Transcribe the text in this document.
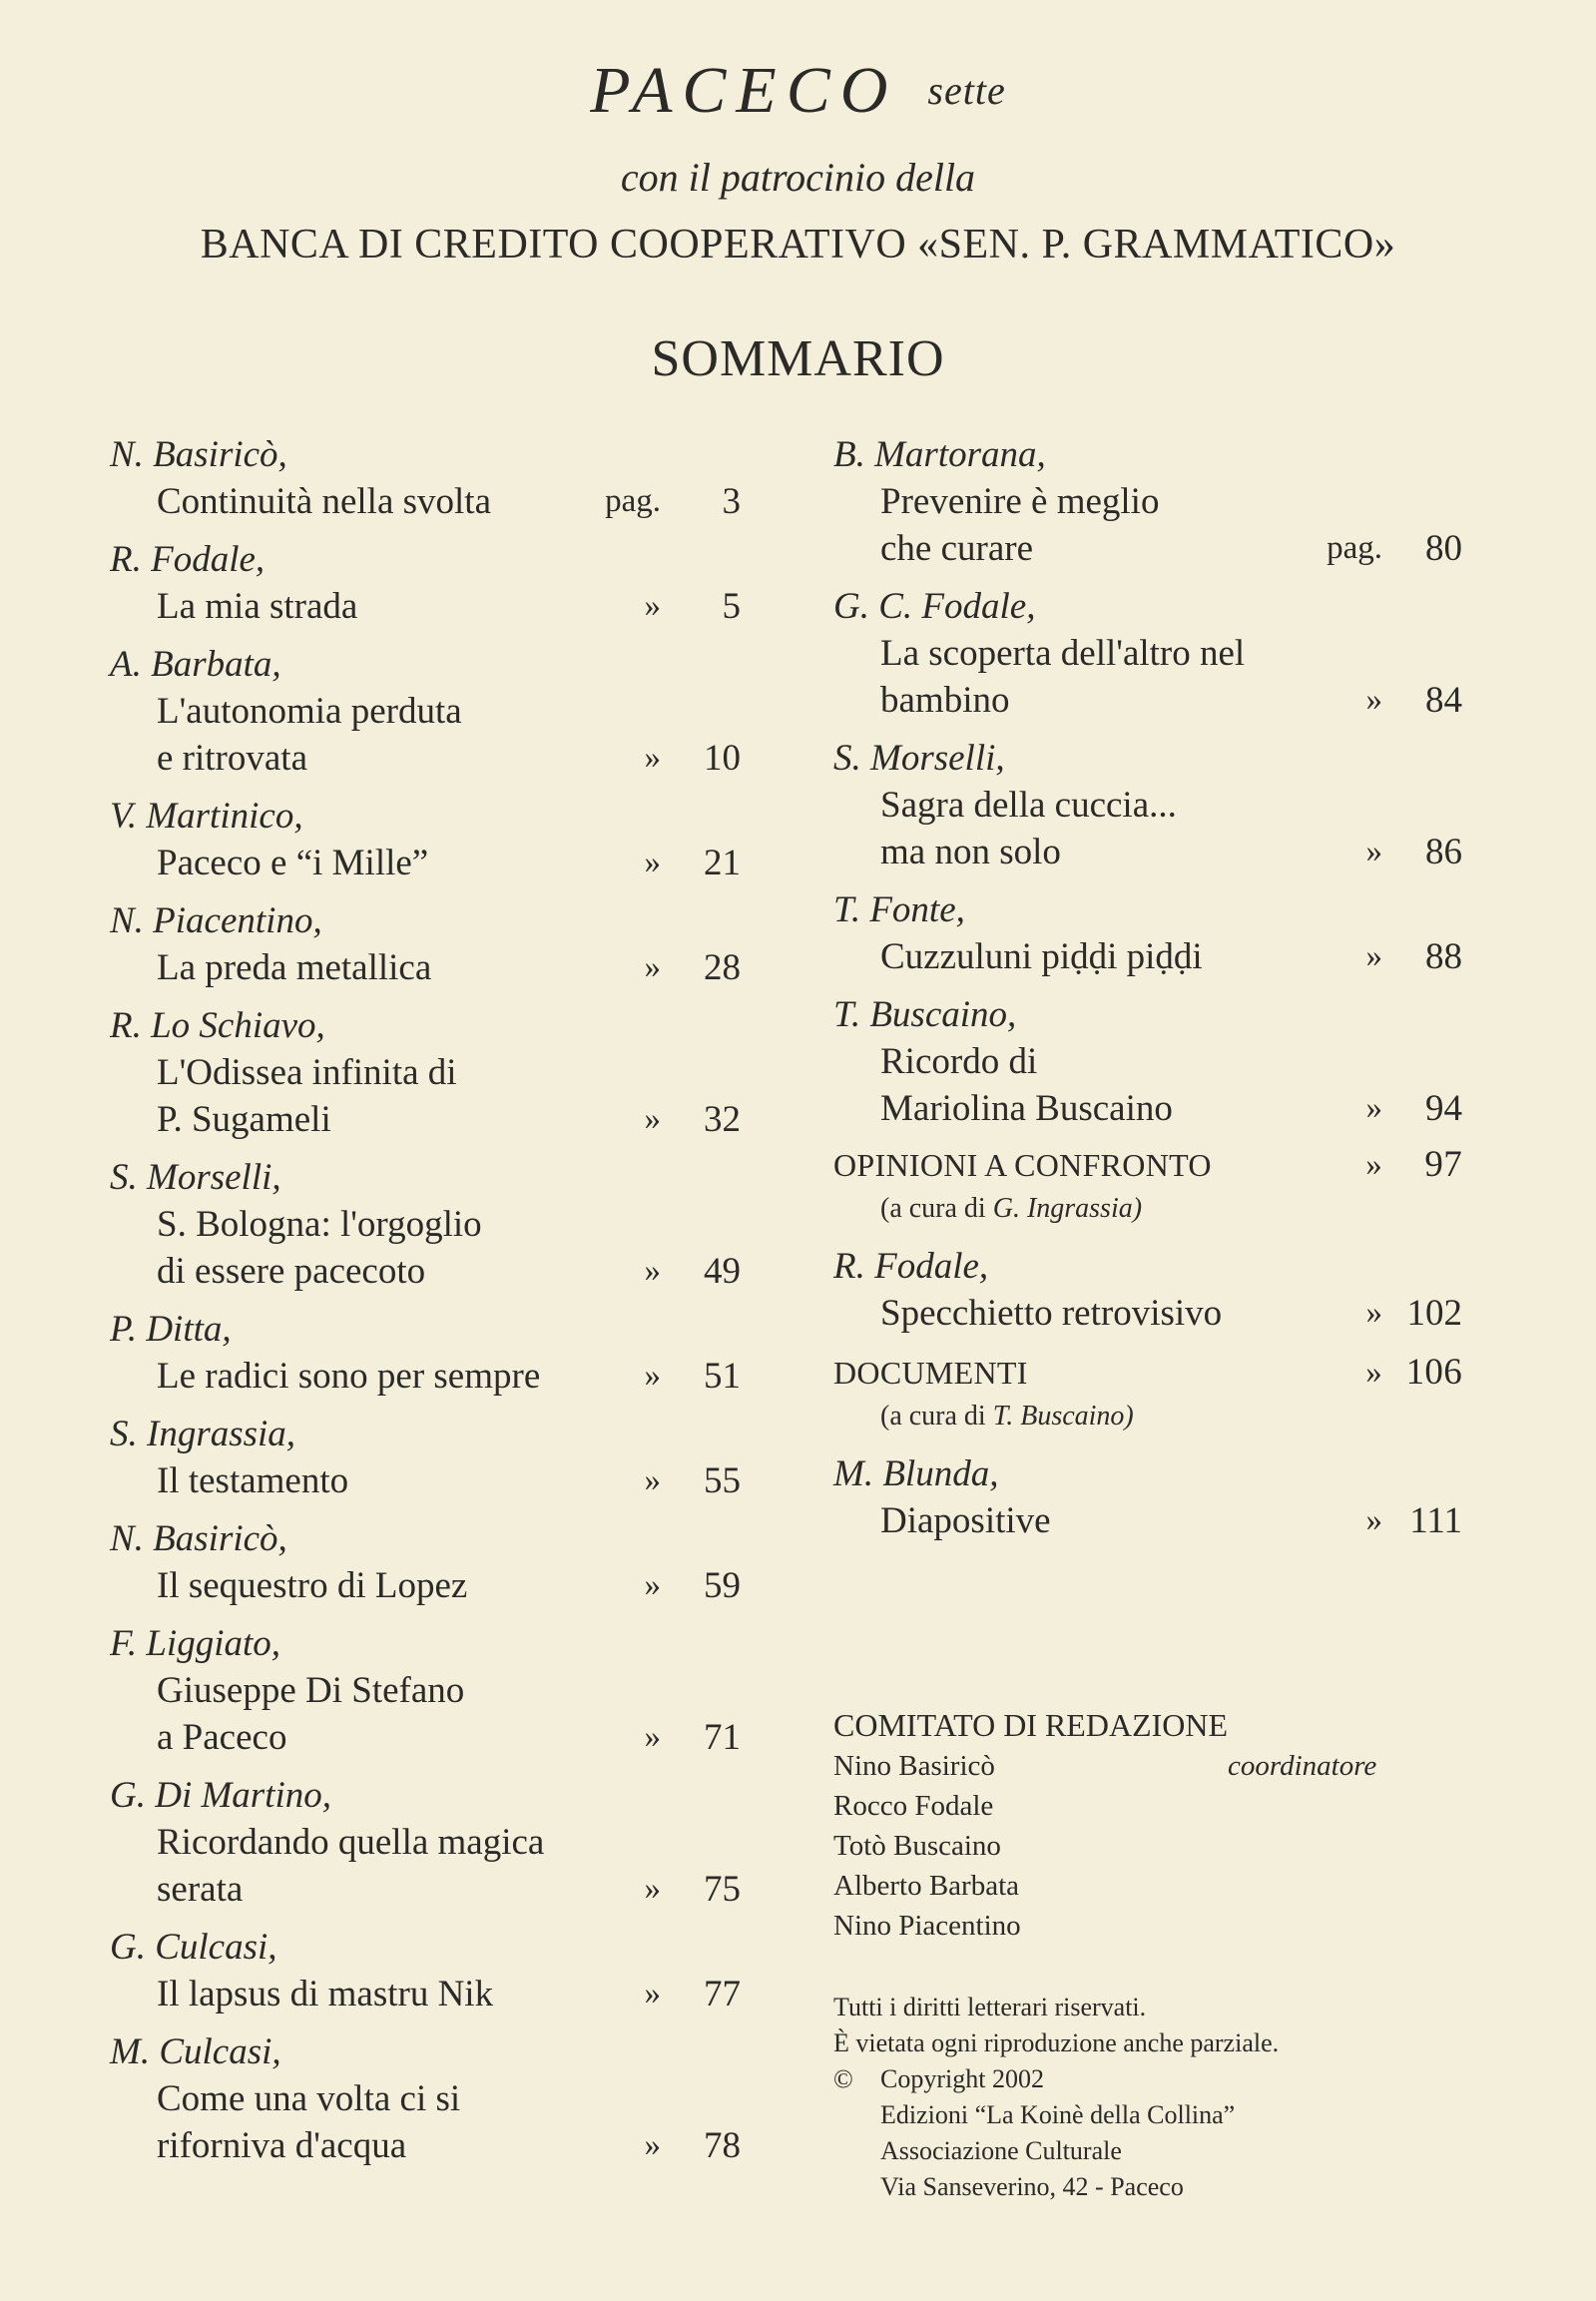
PACECO sette
con il patrocinio della
BANCA DI CREDITO COOPERATIVO «SEN. P. GRAMMATICO»
SOMMARIO
N. Basiricò,
Continuità nella svolta	pag. 3
R. Fodale,
La mia strada	» 5
A. Barbata,
L'autonomia perduta
e ritrovata	» 10
V. Martinico,
Paceco e “i Mille”	» 21
N. Piacentino,
La preda metallica	» 28
R. Lo Schiavo,
L'Odissea infinita di
P. Sugameli	» 32
S. Morselli,
S. Bologna: l'orgoglio
di essere pacecoto	» 49
P. Ditta,
Le radici sono per sempre	» 51
S. Ingrassia,
Il testamento	» 55
N. Basiricò,
Il sequestro di Lopez	» 59
F. Liggiato,
Giuseppe Di Stefano
a Paceco	» 71
G. Di Martino,
Ricordando quella magica
serata	» 75
G. Culcasi,
Il lapsus di mastru Nik	» 77
M. Culcasi,
Come una volta ci si
riforniva d'acqua	» 78
B. Martorana,
Prevenire è meglio
che curare	pag. 80
G. C. Fodale,
La scoperta dell'altro nel
bambino	» 84
S. Morselli,
Sagra della cuccia...
ma non solo	» 86
T. Fonte,
Cuzzuluni piḍḍi piḍḍi	» 88
T. Buscaino,
Ricordo di
Mariolina Buscaino	» 94
OPINIONI A CONFRONTO	» 97
(a cura di G. Ingrassia)
R. Fodale,
Specchietto retrovisivo	» 102
DOCUMENTI	» 106
(a cura di T. Buscaino)
M. Blunda,
Diapositive	» 111
COMITATO DI REDAZIONE
Nino Basiricò	coordinatore
Rocco Fodale
Totò Buscaino
Alberto Barbata
Nino Piacentino
Tutti i diritti letterari riservati.
È vietata ogni riproduzione anche parziale.
© Copyright 2002
Edizioni “La Koinè della Collina”
Associazione Culturale
Via Sanseverino, 42 - Paceco
